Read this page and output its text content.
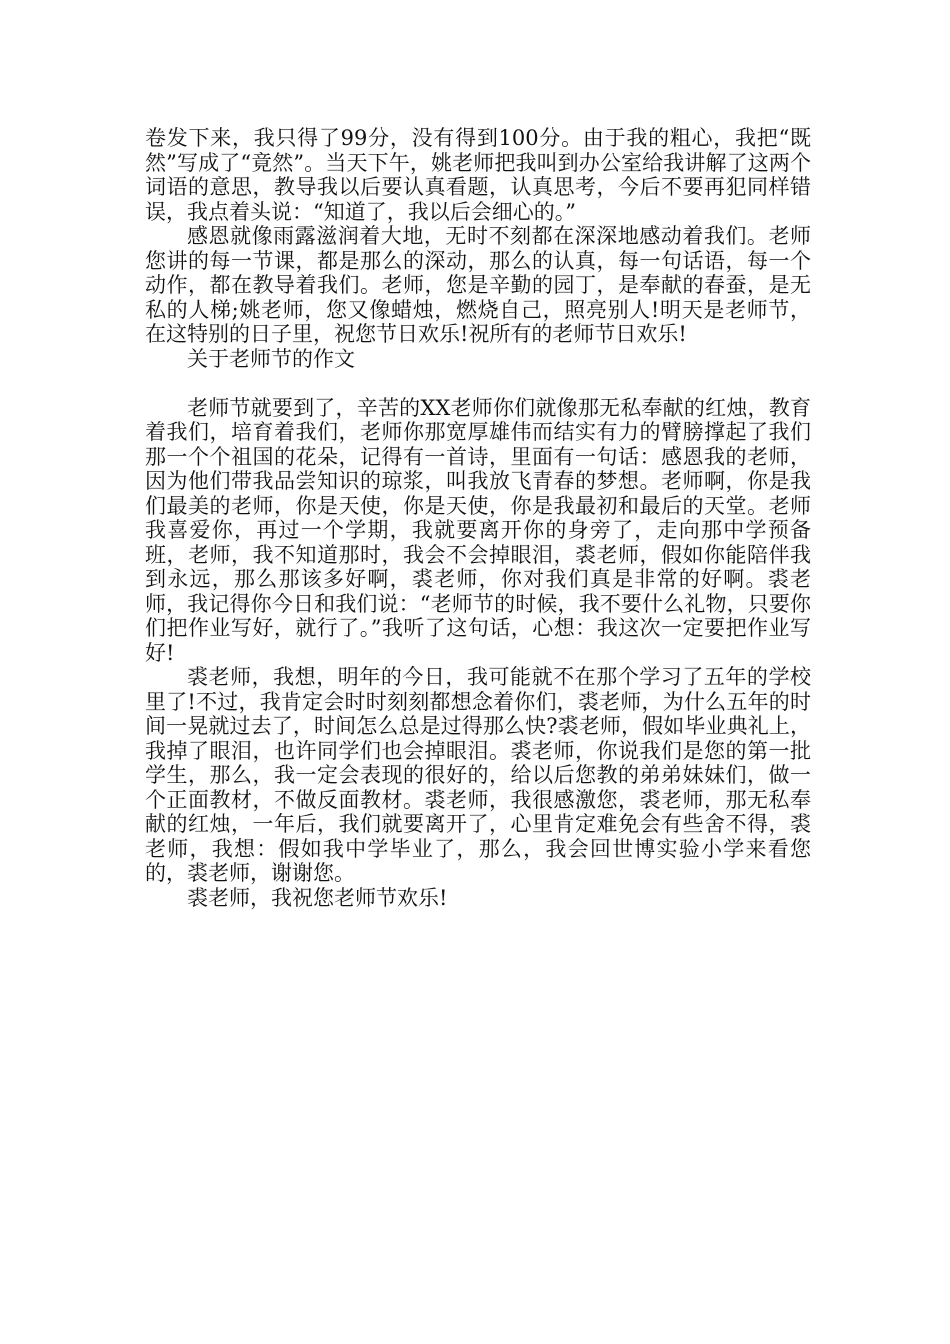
卷发下来，我只得了99分，没有得到100分。由于我的粗心，我把“既然”写成了“竟然”。当天下午，姚老师把我叫到办公室给我讲解了这两个词语的意思，教导我以后要认真看题，认真思考，今后不要再犯同样错误，我点着头说：“知道了，我以后会细心的。”

感恩就像雨露滋润着大地，无时不刻都在深深地感动着我们。老师您讲的每一节课，都是那么的深动，那么的认真，每一句话语，每一个动作，都在教导着我们。老师，您是辛勤的园丁，是奉献的春蚕，是无私的人梯;姚老师，您又像蜡烛，燃烧自己，照亮别人!明天是老师节，在这特别的日子里，祝您节日欢乐!祝所有的老师节日欢乐!

关于老师节的作文

老师节就要到了，辛苦的XX老师你们就像那无私奉献的红烛，教育着我们，培育着我们，老师你那宽厚雄伟而结实有力的臂膀撑起了我们那一个个祖国的花朵，记得有一首诗，里面有一句话：感恩我的老师，因为他们带我品尝知识的琼浆，叫我放飞青春的梦想。老师啊，你是我们最美的老师，你是天使，你是天使，你是我最初和最后的天堂。老师我喜爱你，再过一个学期，我就要离开你的身旁了，走向那中学预备班，老师，我不知道那时，我会不会掉眼泪，裘老师，假如你能陪伴我到永远，那么那该多好啊，裘老师，你对我们真是非常的好啊。裘老师，我记得你今日和我们说：“老师节的时候，我不要什么礼物，只要你们把作业写好，就行了。”我听了这句话，心想：我这次一定要把作业写好!

裘老师，我想，明年的今日，我可能就不在那个学习了五年的学校里了!不过，我肯定会时时刻刻都想念着你们，裘老师，为什么五年的时间一晃就过去了，时间怎么总是过得那么快?裘老师，假如毕业典礼上，我掉了眼泪，也许同学们也会掉眼泪。裘老师，你说我们是您的第一批学生，那么，我一定会表现的很好的，给以后您教的弟弟妹妹们，做一个正面教材，不做反面教材。裘老师，我很感激您，裘老师，那无私奉献的红烛，一年后，我们就要离开了，心里肯定难免会有些舍不得，裘老师，我想：假如我中学毕业了，那么，我会回世博实验小学来看您的，裘老师，谢谢您。

裘老师，我祝您老师节欢乐!
